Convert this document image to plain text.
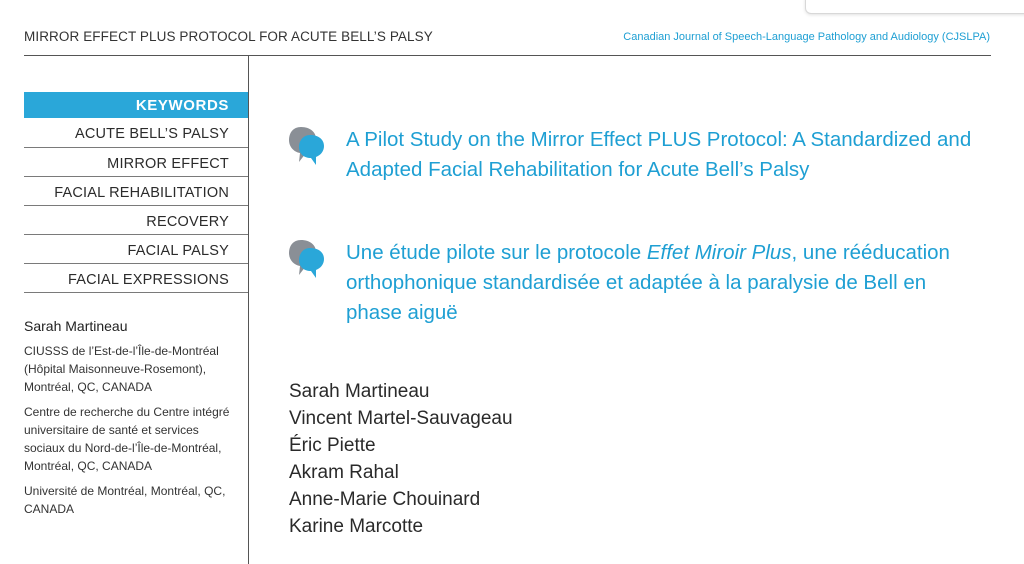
MIRROR EFFECT PLUS PROTOCOL FOR ACUTE BELL’S PALSY	Canadian Journal of Speech-Language Pathology and Audiology (CJSLPA)
KEYWORDS
ACUTE BELL’S PALSY
MIRROR EFFECT
FACIAL REHABILITATION
RECOVERY
FACIAL PALSY
FACIAL EXPRESSIONS
Sarah Martineau
CIUSSS de l’Est-de-l’Île-de-Montréal (Hôpital Maisonneuve-Rosemont), Montréal, QC, CANADA
Centre de recherche du Centre intégré universitaire de santé et services sociaux du Nord-de-l’Île-de-Montréal, Montréal, QC, CANADA
Université de Montréal, Montréal, QC, CANADA
A Pilot Study on the Mirror Effect PLUS Protocol: A Standardized and Adapted Facial Rehabilitation for Acute Bell’s Palsy
Une étude pilote sur le protocole Effet Miroir Plus, une rééducation orthophonique standardisée et adaptée à la paralysie de Bell en phase aiguë
Sarah Martineau
Vincent Martel-Sauvageau
Éric Piette
Akram Rahal
Anne-Marie Chouinard
Karine Marcotte
